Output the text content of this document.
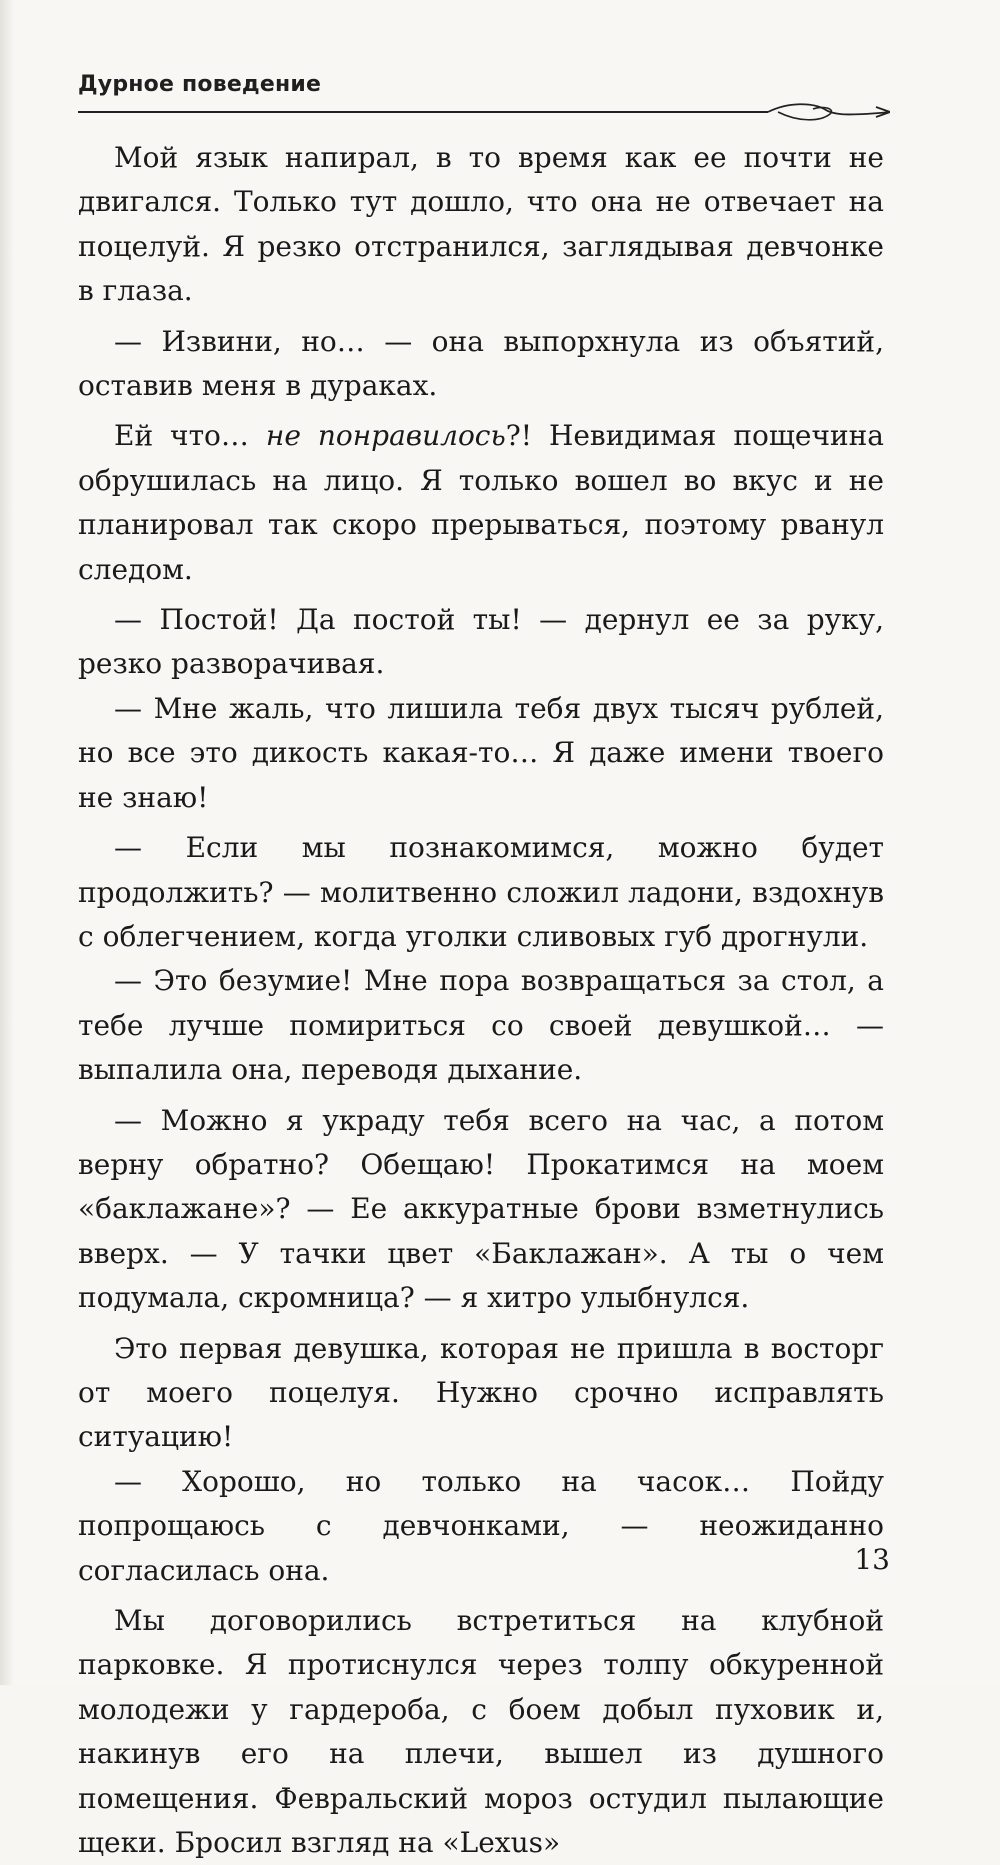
Дурное поведение

Мой язык напирал, в то время как ее почти не двигался. Только тут дошло, что она не отвечает на поцелуй. Я резко отстранился, заглядывая девчонке в глаза.

— Извини, но… — она выпорхнула из объятий, оставив меня в дураках.

Ей что… не понравилось?! Невидимая пощечина обрушилась на лицо. Я только вошел во вкус и не планировал так скоро прерываться, поэтому рванул следом.

— Постой! Да постой ты! — дернул ее за руку, резко разворачивая.

— Мне жаль, что лишила тебя двух тысяч рублей, но все это дикость какая-то… Я даже имени твоего не знаю!

— Если мы познакомимся, можно будет продолжить? — молитвенно сложил ладони, вздохнув с облегчением, когда уголки сливовых губ дрогнули.

— Это безумие! Мне пора возвращаться за стол, а тебе лучше помириться со своей девушкой… — выпалила она, переводя дыхание.

— Можно я украду тебя всего на час, а потом верну обратно? Обещаю! Прокатимся на моем «баклажане»? — Ее аккуратные брови взметнулись вверх. — У тачки цвет «Баклажан». А ты о чем подумала, скромница? — я хитро улыбнулся.

Это первая девушка, которая не пришла в восторг от моего поцелуя. Нужно срочно исправлять ситуацию!

— Хорошо, но только на часок… Пойду попрощаюсь с девчонками, — неожиданно согласилась она.

Мы договорились встретиться на клубной парковке. Я протиснулся через толпу обкуренной молодежи у гардероба, с боем добыл пуховик и, накинув его на плечи, вышел из душного помещения. Февральский мороз остудил пылающие щеки. Бросил взгляд на «Lexus»

13
